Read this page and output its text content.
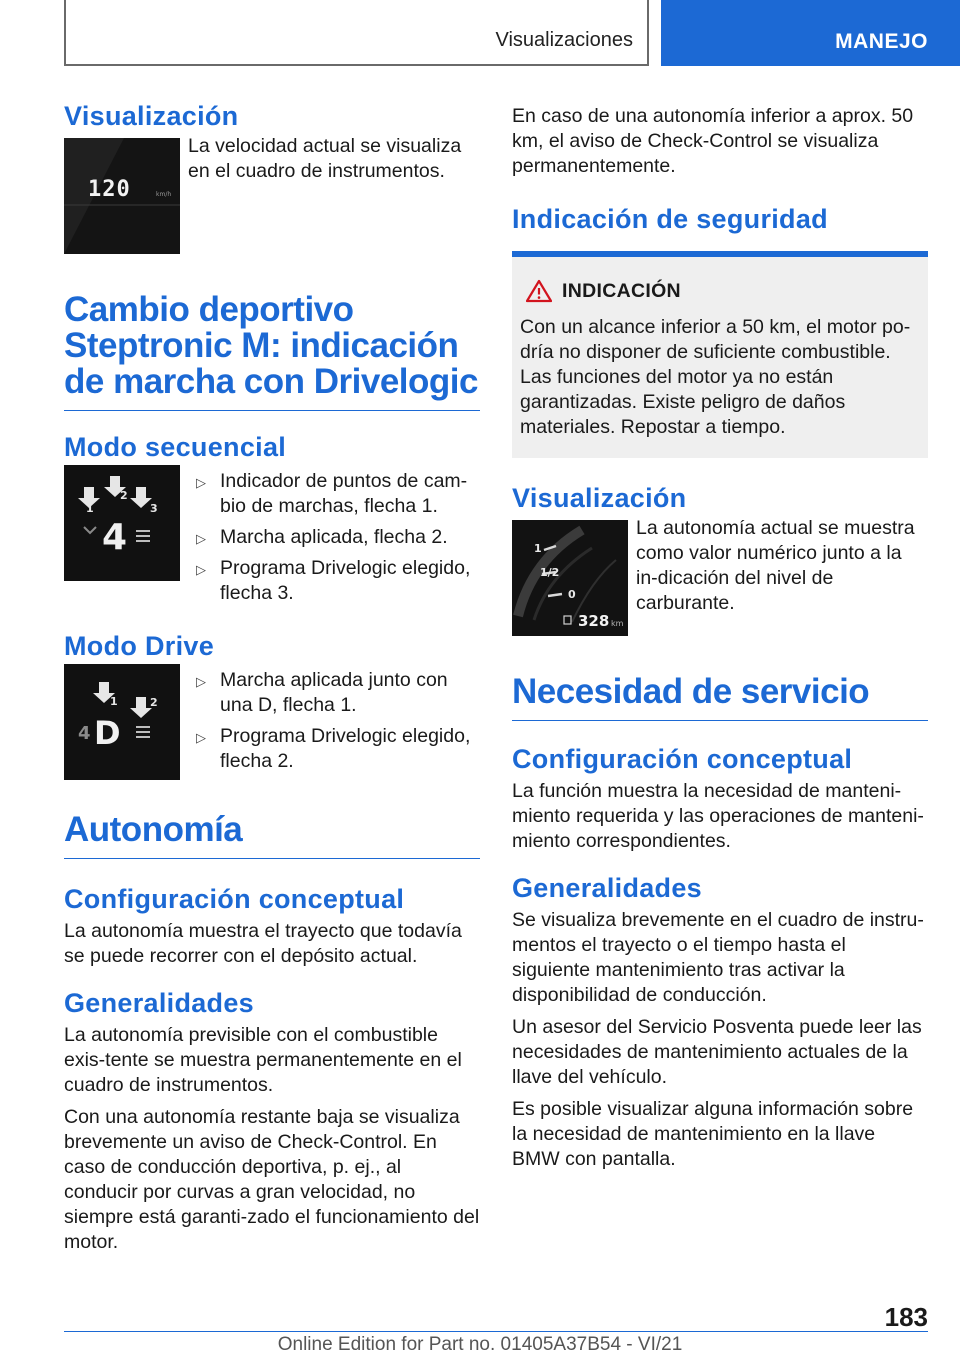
Visualizaciones	MANEJO
Visualización
120	km/h

La velocidad actual se visualiza en el cuadro de instrumentos.

Cambio deportivo Steptronic M: indicación de marcha con Drivelogic
Modo secuencial
1
2
3
4
▷ Indicador de puntos de cam-bio de marchas, flecha 1.
▷ Marcha aplicada, flecha 2.
▷ Programa Drivelogic elegido, flecha 3.
Modo Drive
1	2
4 D
▷ Marcha aplicada junto con una D, flecha 1.
▷ Programa Drivelogic elegido, flecha 2.
Autonomía
Configuración conceptual

La autonomía muestra el trayecto que todavía se puede recorrer con el depósito actual.

Generalidades

La autonomía previsible con el combustible exis-tente se muestra permanentemente en el cuadro de instrumentos.

Con una autonomía restante baja se visualiza brevemente un aviso de Check-Control. En caso de conducción deportiva, p. ej., al conducir por curvas a gran velocidad, no siempre está garanti-zado el funcionamiento del motor.

En caso de una autonomía inferior a aprox. 50 km, el aviso de Check-Control se visualiza permanentemente.

Indicación de seguridad
INDICACIÓN

Con un alcance inferior a 50 km, el motor po-dría no disponer de suficiente combustible. Las funciones del motor ya no están garantizadas. Existe peligro de daños materiales. Repostar a tiempo.

Visualización
1
1/2
0
328 km

La autonomía actual se muestra como valor numérico junto a la in-dicación del nivel de carburante.

Necesidad de servicio
Configuración conceptual

La función muestra la necesidad de manteni-miento requerida y las operaciones de manteni-miento correspondientes.

Generalidades

Se visualiza brevemente en el cuadro de instru-mentos el trayecto o el tiempo hasta el siguiente mantenimiento tras activar la disponibilidad de conducción.

Un asesor del Servicio Posventa puede leer las necesidades de mantenimiento actuales de la llave del vehículo.

Es posible visualizar alguna información sobre la necesidad de mantenimiento en la llave BMW con pantalla.

183
Online Edition for Part no. 01405A37B54 - VI/21
